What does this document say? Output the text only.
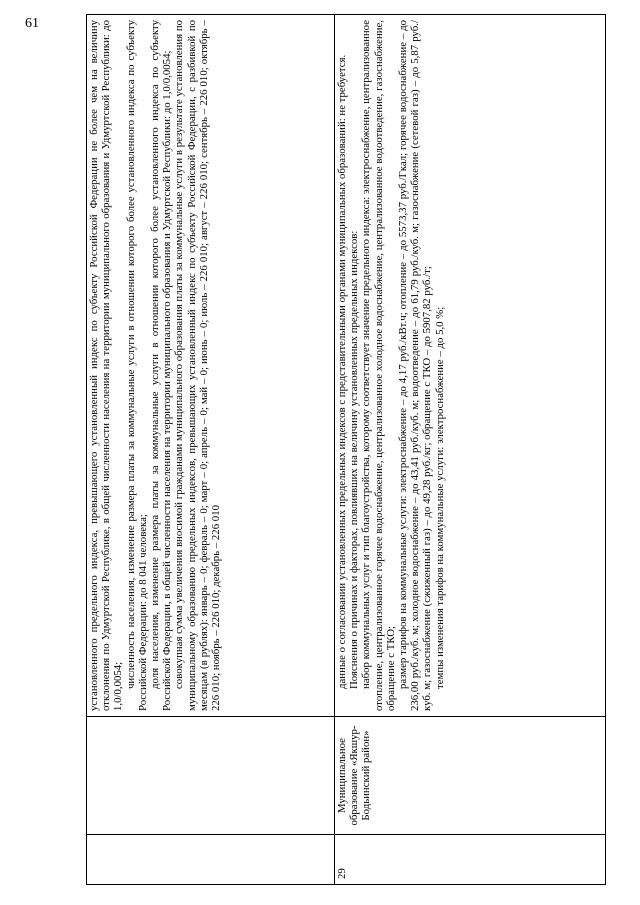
61

		установленного предельного индекса, превышающего установленный индекс по субъекту Российской Федерации не более чем на величину отклонения по Удмуртской Республике, в общей численности населения на территории муниципального образования и Удмуртской Республики: до 1,0/0,0054; численность населения, изменение размера платы за коммунальные услуги в отношении которого более установленного индекса по субъекту Российской Федерации: до 8 041 человека; доля населения, изменение размера платы за коммунальные услуги в отношении которого более установленного индекса по субъекту Российской Федерации, в общей численности населения на территории муниципального образования и Удмуртской Республики: до 1,0/0,0054; совокупная сумма увеличения вносимой гражданами муниципального образования платы за коммунальные услуги в результате установления по муниципальному образованию предельных индексов, превышающих установленный индекс по субъекту Российской Федерации, с разбивкой по месяцам (в рублях): январь – 0; февраль – 0; март – 0; апрель – 0; май – 0; июнь – 0; июль – 226 010; август – 226 010; сентябрь – 226 010; октябрь – 226 010; ноябрь – 226 010; декабрь – 226 010

29	Муниципальное образование «Якшур-Бодьинский район»	данные о согласовании установленных предельных индексов с представительными органами муниципальных образований: не требуется. Пояснения о причинах и факторах, повлиявших на величину установленных предельных индексов: набор коммунальных услуг и тип благоустройства, которому соответствует значение предельного индекса: электроснабжение, централизованное отопление, централизованное горячее водоснабжение, централизованное холодное водоснабжение, централизованное водоотведение, газоснабжение, обращение с ТКО; размер тарифов на коммунальные услуги: электроснабжение – до 4,17 руб./кВт.ч; отопление – до 5573,37 руб./Гкал; горячее водоснабжение – до 236,00 руб./куб. м; холодное водоснабжение – до 43,41 руб./куб. м; водоотведение – до 61,79 руб./куб. м; газоснабжение (сетевой газ) – до 5,87 руб./куб. м; газоснабжение (сжиженный газ) – до 49,28 руб./кг; обращение с ТКО – до 5907,82 руб./т; темпы изменения тарифов на коммунальные услуги: электроснабжение – до 5,0 %;
